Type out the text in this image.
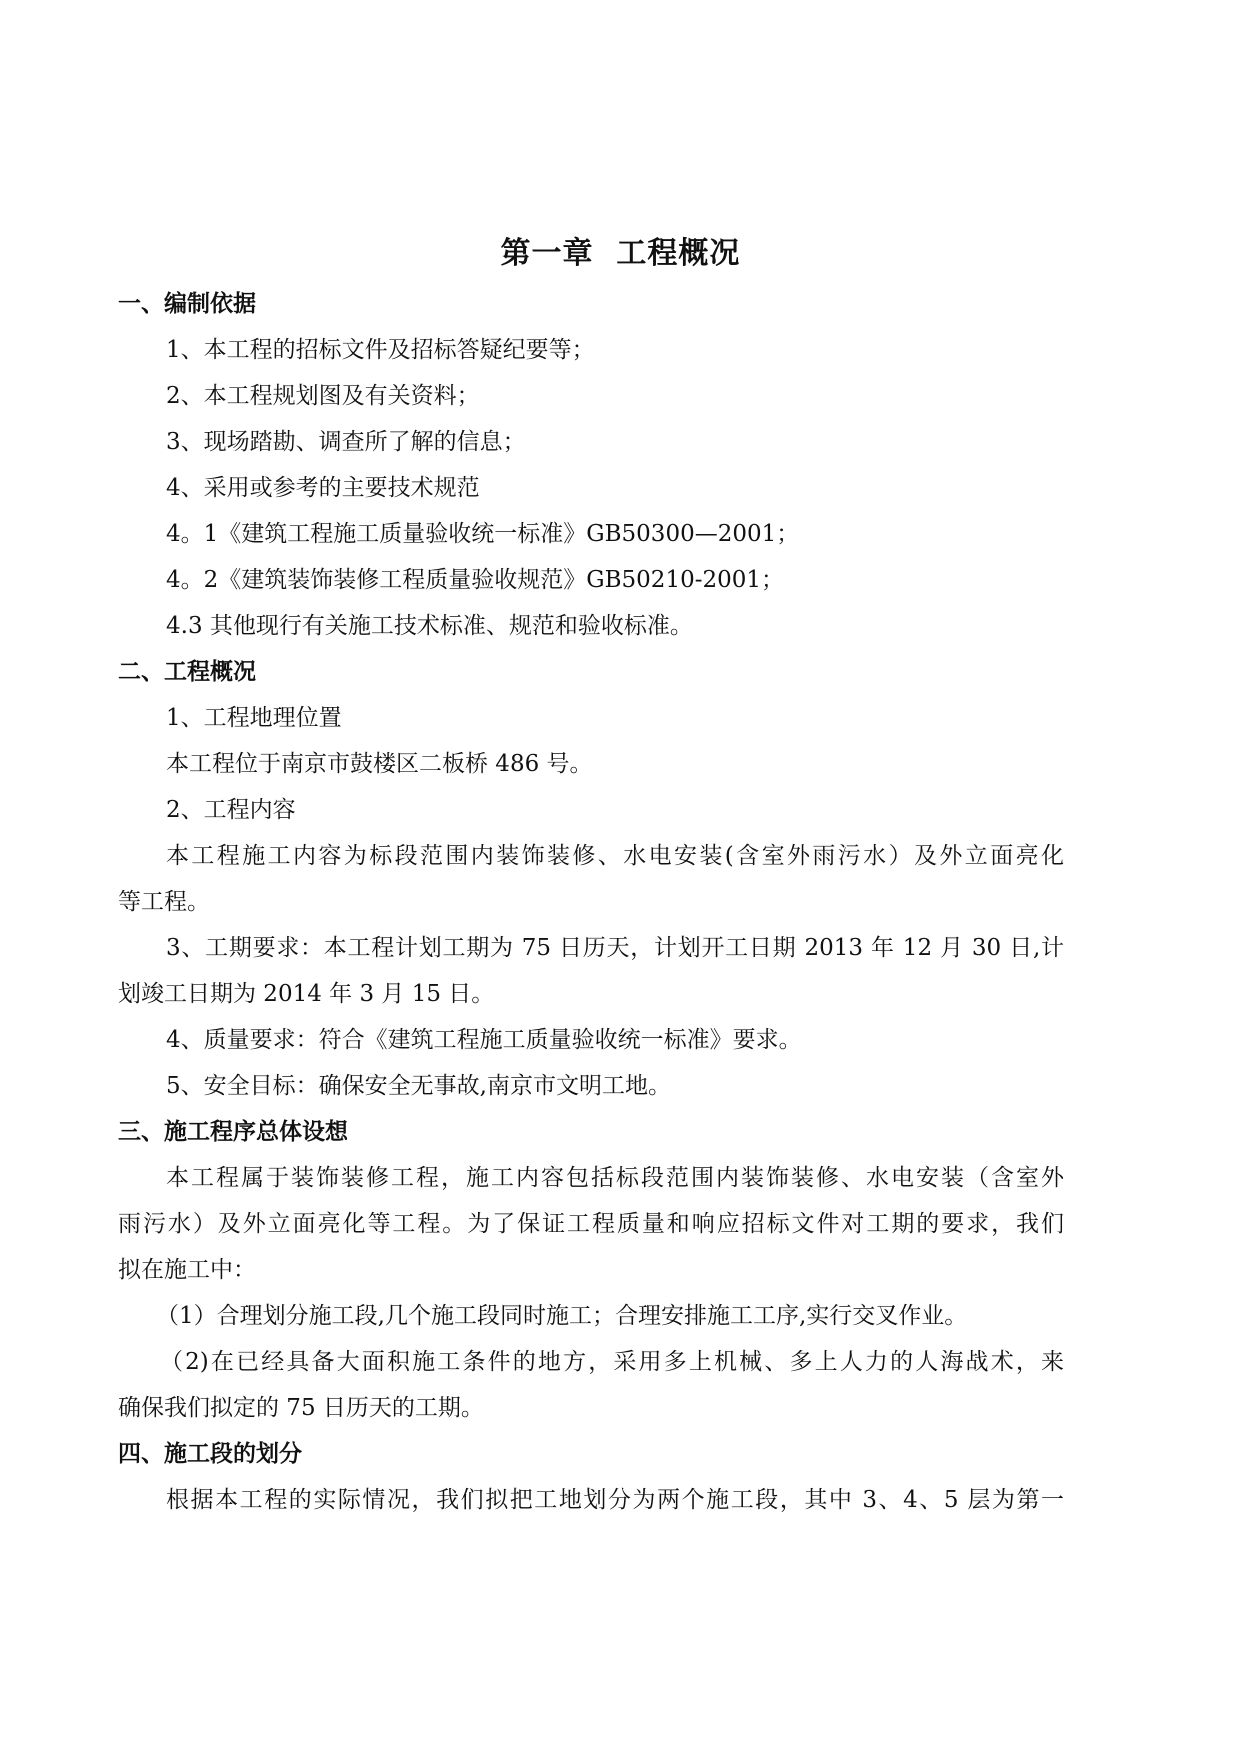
第一章  工程概况
一、编制依据
1、本工程的招标文件及招标答疑纪要等；
2、本工程规划图及有关资料；
3、现场踏勘、调查所了解的信息；
4、采用或参考的主要技术规范
4。1《建筑工程施工质量验收统一标准》GB50300—2001；
4。2《建筑装饰装修工程质量验收规范》GB50210-2001；
4.3 其他现行有关施工技术标准、规范和验收标准。
二、工程概况
1、工程地理位置
本工程位于南京市鼓楼区二板桥 486 号。
2、工程内容
本工程施工内容为标段范围内装饰装修、水电安装(含室外雨污水）及外立面亮化
等工程。
3、工期要求：本工程计划工期为 75 日历天，计划开工日期 2013 年 12 月 30 日,计
划竣工日期为 2014 年 3 月 15 日。
4、质量要求：符合《建筑工程施工质量验收统一标准》要求。
5、安全目标：确保安全无事故,南京市文明工地。
三、施工程序总体设想
本工程属于装饰装修工程，施工内容包括标段范围内装饰装修、水电安装（含室外
雨污水）及外立面亮化等工程。为了保证工程质量和响应招标文件对工期的要求，我们
拟在施工中：
（1）合理划分施工段,几个施工段同时施工；合理安排施工工序,实行交叉作业。
（2)在已经具备大面积施工条件的地方，采用多上机械、多上人力的人海战术，来
确保我们拟定的 75 日历天的工期。
四、施工段的划分
根据本工程的实际情况，我们拟把工地划分为两个施工段，其中 3、4、5 层为第一
